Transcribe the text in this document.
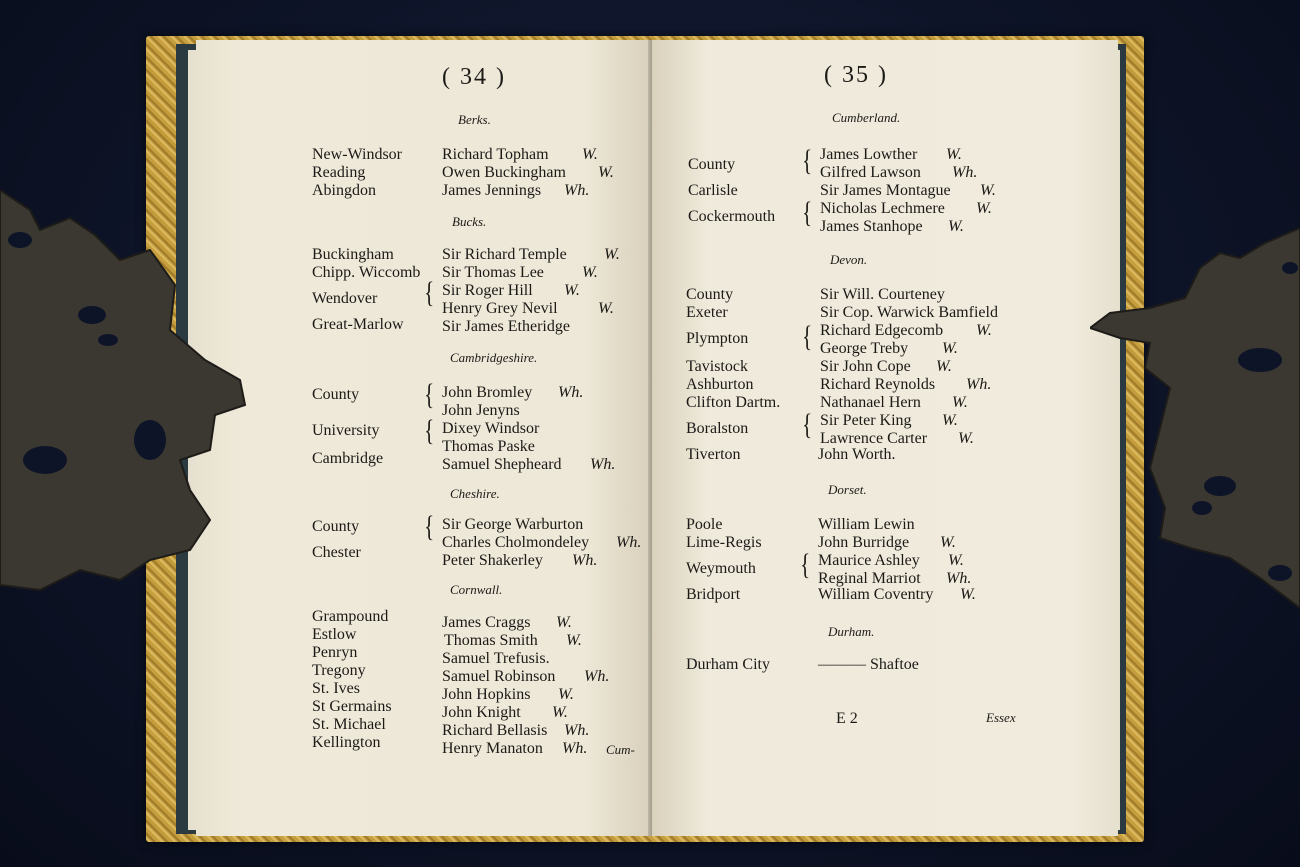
( 34 )
Berks.
New-Windsor	Richard Topham W.
Reading	Owen Buckingham W.
Abingdon	James Jennings Wh.
Bucks.
Buckingham	Sir Richard Temple W.
Chipp. Wiccomb Sir Thomas Lee W.
Wendover { Sir Roger Hill W.
Henry Grey Nevil	W.
Great-Marlow Sir James Etheridge
Cambridgeshire.
County { John Bromley Wh.
John Jenyns
University { Dixey Windsor
Thomas Paske
Cambridge	Samuel Shepheard Wh.
Cheshire.
County { Sir George Warburton
Charles Cholmondeley Wh.
Chester	Peter Shakerley Wh.
Cornwall.
Grampound	James Craggs W.
Estlow	Thomas Smith W.
Penryn	Samuel Trefusis.
Tregony	Samuel Robinson Wh.
St. Ives	John Hopkins W.
St Germains	John Knight W.
St. Michael	Richard Bellasis Wh.
Kellington	Henry Manaton Wh. Cum-
( 35 )
Cumberland.
County { James Lowther W.
Gilfred Lawson Wh.
Carlisle	Sir James Montague W.
Cockermouth { Nicholas Lechmere W.
James Stanhope W.
Devon.
County	Sir Will. Courteney
Exeter	Sir Cop. Warwick Bamfield
Plympton { Richard Edgecomb W.
George Treby W.
Tavistock	Sir John Cope W.
Ashburton	Richard Reynolds Wh.
Clifton Dartm. Nathanael Hern W.
Boralston { Sir Peter King W.
Lawrence Carter W.
Tiverton	John Worth.
Dorset.
Poole	William Lewin
Lime-Regis	John Burridge W.
Weymouth { Maurice Ashley W.
Reginal Marriot Wh.
Bridport	William Coventry W.
Durham.
Durham City	——— Shaftoe
E 2	Essex
